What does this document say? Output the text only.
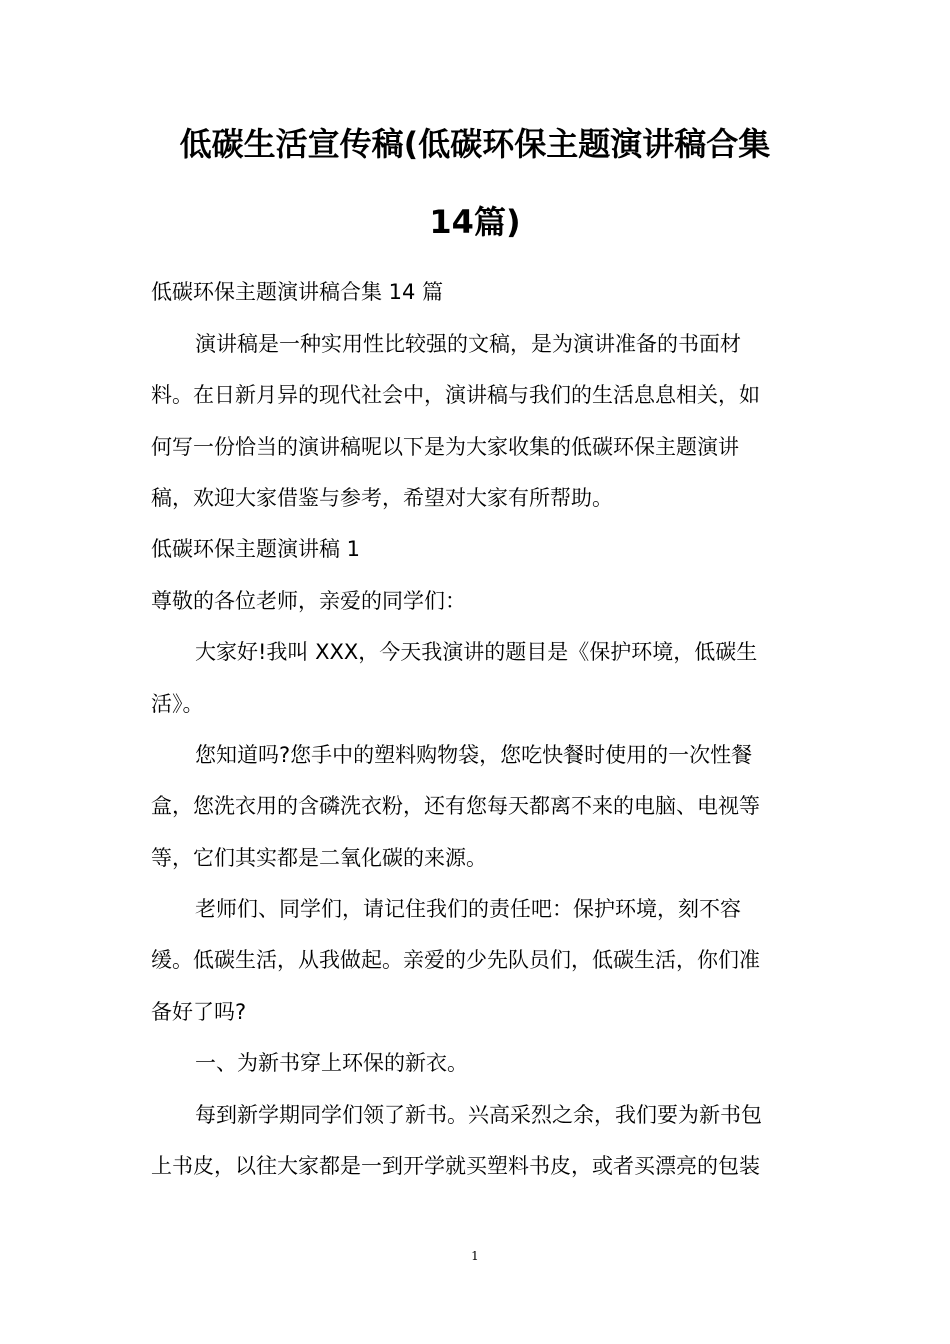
低碳生活宣传稿(低碳环保主题演讲稿合集
14篇)

低碳环保主题演讲稿合集 14 篇

演讲稿是一种实用性比较强的文稿，是为演讲准备的书面材

料。在日新月异的现代社会中，演讲稿与我们的生活息息相关，如

何写一份恰当的演讲稿呢以下是为大家收集的低碳环保主题演讲

稿，欢迎大家借鉴与参考，希望对大家有所帮助。

低碳环保主题演讲稿 1

尊敬的各位老师，亲爱的同学们：

大家好!我叫 XXX，今天我演讲的题目是《保护环境，低碳生

活》。

您知道吗?您手中的塑料购物袋，您吃快餐时使用的一次性餐

盒，您洗衣用的含磷洗衣粉，还有您每天都离不来的电脑、电视等

等，它们其实都是二氧化碳的来源。

老师们、同学们，请记住我们的责任吧：保护环境，刻不容

缓。低碳生活，从我做起。亲爱的少先队员们，低碳生活，你们准

备好了吗?

一、为新书穿上环保的新衣。

每到新学期同学们领了新书。兴高采烈之余，我们要为新书包

上书皮，以往大家都是一到开学就买塑料书皮，或者买漂亮的包装

1
